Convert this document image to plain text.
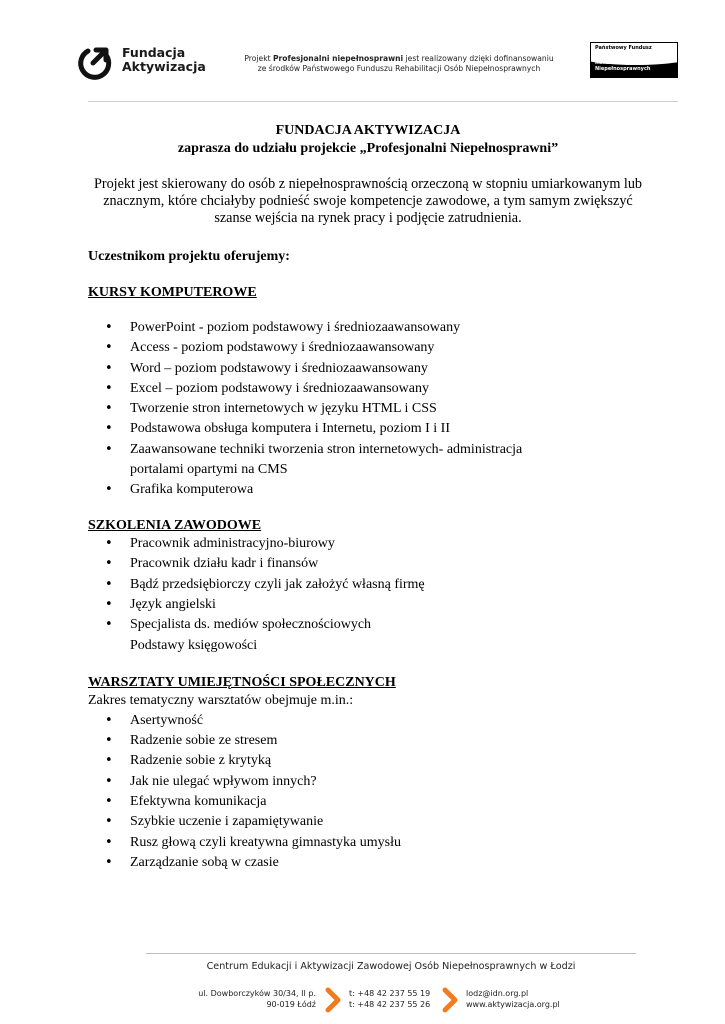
Fundacja
Aktywizacja
Projekt Profesjonalni niepełnosprawni jest realizowany dzięki dofinansowaniu
ze środków Państwowego Funduszu Rehabilitacji Osób Niepełnosprawnych
Państwowy Fundusz
Rehabilitacji Osób
Niepełnosprawnych
FUNDACJA AKTYWIZACJA
zaprasza do udziału projekcie „Profesjonalni Niepełnosprawni”
Projekt jest skierowany do osób z niepełnosprawnością orzeczoną w stopniu umiarkowanym lub znacznym, które chciałyby podnieść swoje kompetencje zawodowe, a tym samym zwiększyć szanse wejścia na rynek pracy i podjęcie zatrudnienia.
Uczestnikom projektu oferujemy:
KURSY KOMPUTEROWE
• PowerPoint - poziom podstawowy i średniozaawansowany
• Access - poziom podstawowy i średniozaawansowany
• Word – poziom podstawowy i średniozaawansowany
• Excel – poziom podstawowy i średniozaawansowany
• Tworzenie stron internetowych w języku HTML i CSS
• Podstawowa obsługa komputera i Internetu, poziom I i II
• Zaawansowane techniki tworzenia stron internetowych- administracja portalami opartymi na CMS
• Grafika komputerowa
SZKOLENIA ZAWODOWE
• Pracownik administracyjno-biurowy
• Pracownik działu kadr i finansów
• Bądź przedsiębiorczy czyli jak założyć własną firmę
• Język angielski
• Specjalista ds. mediów społecznościowych
Podstawy księgowości
WARSZTATY UMIEJĘTNOŚCI SPOŁECZNYCH
Zakres tematyczny warsztatów obejmuje m.in.:
• Asertywność
• Radzenie sobie ze stresem
• Radzenie sobie z krytyką
• Jak nie ulegać wpływom innych?
• Efektywna komunikacja
• Szybkie uczenie i zapamiętywanie
• Rusz głową czyli kreatywna gimnastyka umysłu
• Zarządzanie sobą w czasie
Centrum Edukacji i Aktywizacji Zawodowej Osób Niepełnosprawnych w Łodzi
ul. Dowborczyków 30/34, II p.
90-019 Łódź
t: +48 42 237 55 19
t: +48 42 237 55 26
lodz@idn.org.pl
www.aktywizacja.org.pl
